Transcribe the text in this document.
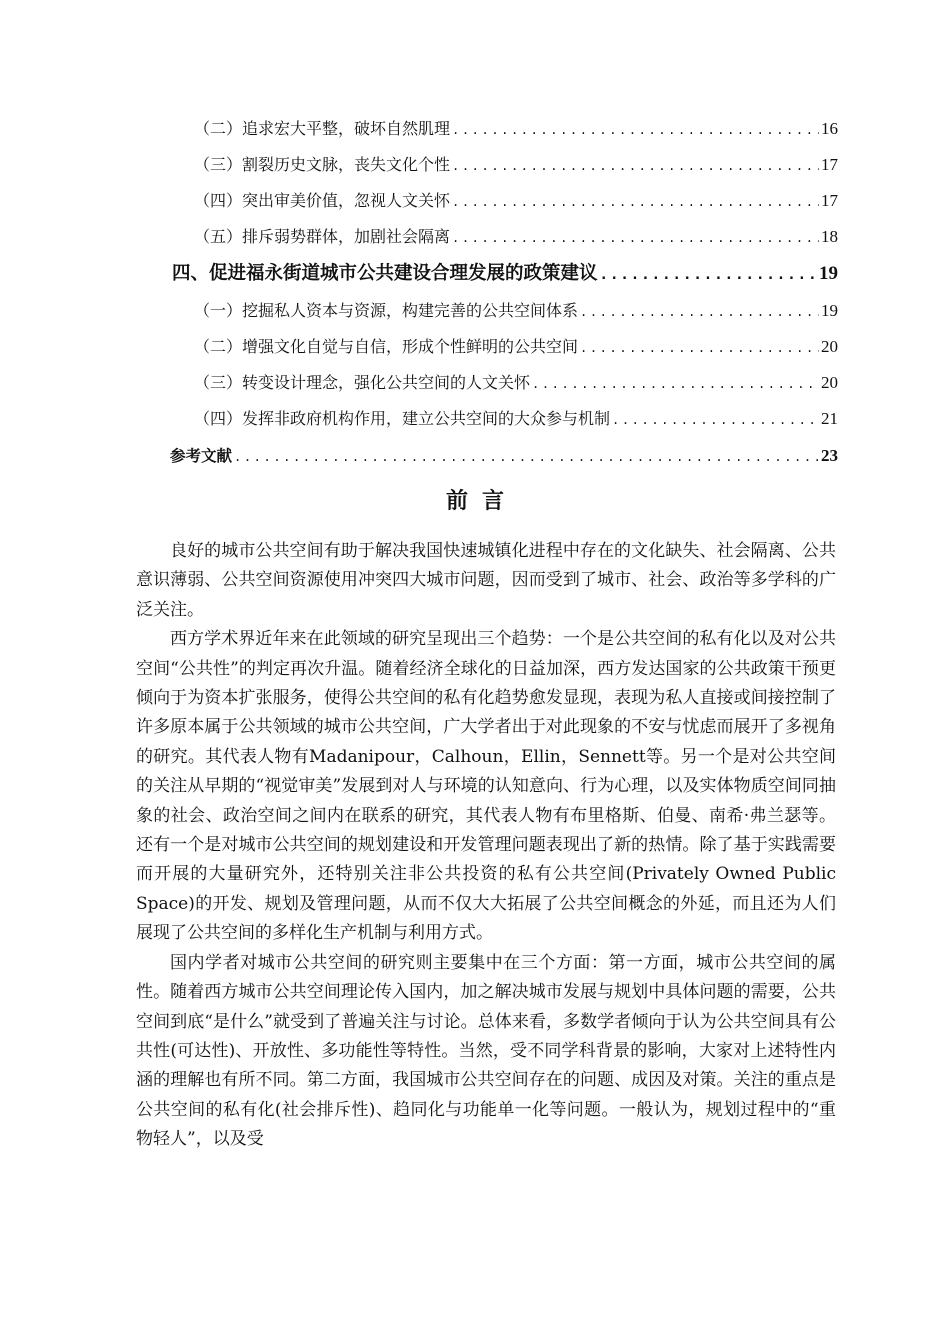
（二）追求宏大平整，破坏自然肌理 .....	16
（三）割裂历史文脉，丧失文化个性 .....	17
（四）突出审美价值，忽视人文关怀 .....	17
（五）排斥弱势群体，加剧社会隔离 .....	18
四、促进福永街道城市公共建设合理发展的政策建议 .....	19
（一）挖掘私人资本与资源，构建完善的公共空间体系 .....	19
（二）增强文化自觉与自信，形成个性鲜明的公共空间 .....	20
（三）转变设计理念，强化公共空间的人文关怀 .....	20
（四）发挥非政府机构作用，建立公共空间的大众参与机制 .....	21
参考文献 .....	23
前言

良好的城市公共空间有助于解决我国快速城镇化进程中存在的文化缺失、社会隔离、公共意识薄弱、公共空间资源使用冲突四大城市问题，因而受到了城市、社会、政治等多学科的广泛关注。

西方学术界近年来在此领域的研究呈现出三个趋势：一个是公共空间的私有化以及对公共空间“公共性”的判定再次升温。随着经济全球化的日益加深，西方发达国家的公共政策干预更倾向于为资本扩张服务，使得公共空间的私有化趋势愈发显现，表现为私人直接或间接控制了许多原本属于公共领域的城市公共空间，广大学者出于对此现象的不安与忧虑而展开了多视角的研究。其代表人物有Madanipour，Calhoun，Ellin，Sennett等。另一个是对公共空间的关注从早期的“视觉审美”发展到对人与环境的认知意向、行为心理，以及实体物质空间同抽象的社会、政治空间之间内在联系的研究，其代表人物有布里格斯、伯曼、南希·弗兰瑟等。还有一个是对城市公共空间的规划建设和开发管理问题表现出了新的热情。除了基于实践需要而开展的大量研究外，还特别关注非公共投资的私有公共空间(Privately Owned Public Space)的开发、规划及管理问题，从而不仅大大拓展了公共空间概念的外延，而且还为人们展现了公共空间的多样化生产机制与利用方式。

国内学者对城市公共空间的研究则主要集中在三个方面：第一方面，城市公共空间的属性。随着西方城市公共空间理论传入国内，加之解决城市发展与规划中具体问题的需要，公共空间到底“是什么”就受到了普遍关注与讨论。总体来看，多数学者倾向于认为公共空间具有公共性(可达性)、开放性、多功能性等特性。当然，受不同学科背景的影响，大家对上述特性内涵的理解也有所不同。第二方面，我国城市公共空间存在的问题、成因及对策。关注的重点是公共空间的私有化(社会排斥性)、趋同化与功能单一化等问题。一般认为，规划过程中的“重物轻人”，以及受
